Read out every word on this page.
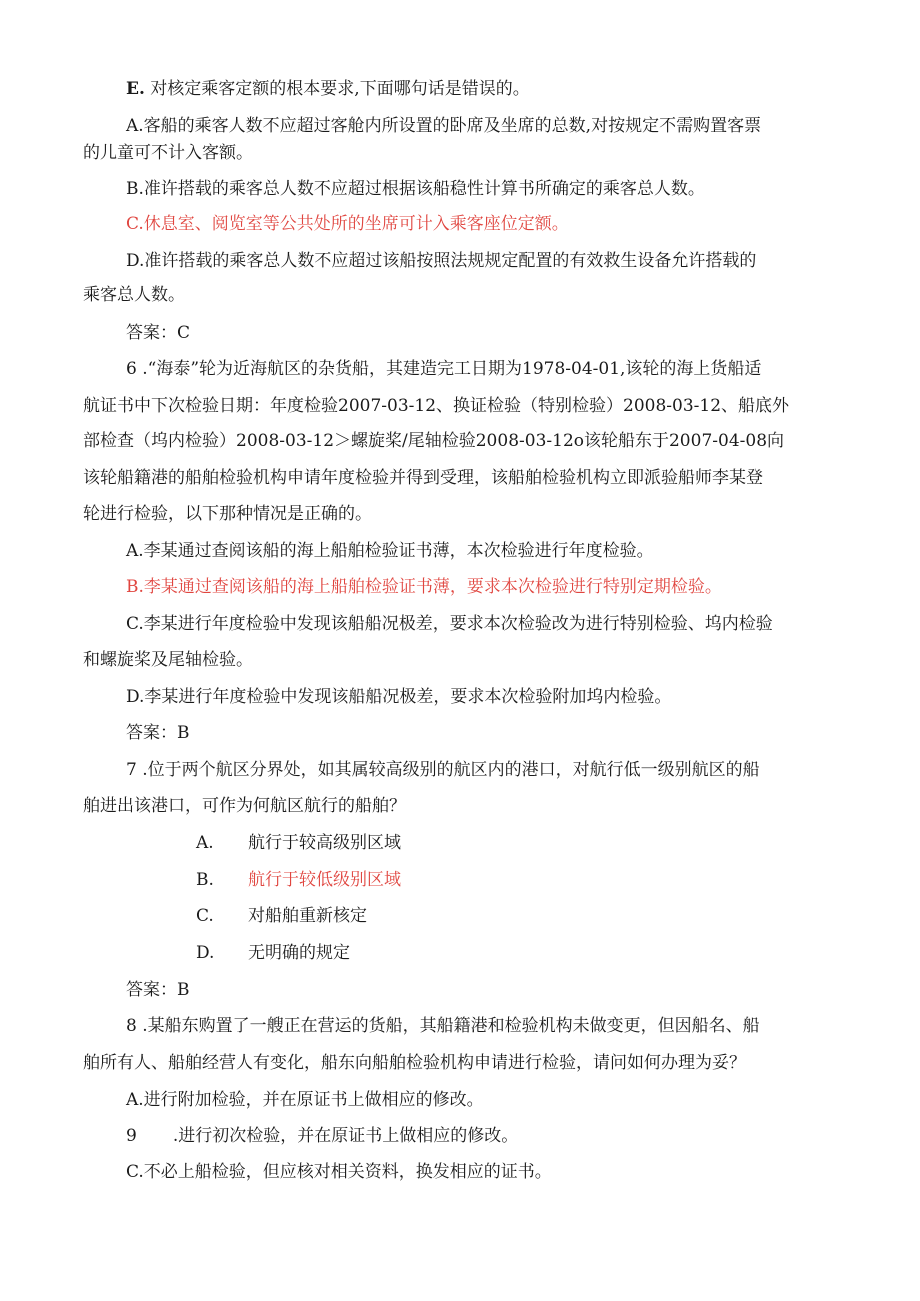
E. 对核定乘客定额的根本要求,下面哪句话是错误的。
A.客船的乘客人数不应超过客舱内所设置的卧席及坐席的总数,对按规定不需购置客票
的儿童可不计入客额。
B.准许搭载的乘客总人数不应超过根据该船稳性计算书所确定的乘客总人数。
C.休息室、阅览室等公共处所的坐席可计入乘客座位定额。
D.准许搭载的乘客总人数不应超过该船按照法规规定配置的有效救生设备允许搭载的
乘客总人数。
答案：C
6 .“海泰”轮为近海航区的杂货船，其建造完工日期为1978-04-01,该轮的海上货船适
航证书中下次检验日期：年度检验2007-03-12、换证检验（特别检验）2008-03-12、船底外
部检查（坞内检验）2008-03-12＞螺旋桨/尾轴检验2008-03-12o该轮船东于2007-04-08向
该轮船籍港的船舶检验机构申请年度检验并得到受理，该船舶检验机构立即派验船师李某登
轮进行检验，以下那种情况是正确的。
A.李某通过查阅该船的海上船舶检验证书薄，本次检验进行年度检验。
B.李某通过查阅该船的海上船舶检验证书薄，要求本次检验进行特别定期检验。
C.李某进行年度检验中发现该船船况极差，要求本次检验改为进行特别检验、坞内检验
和螺旋桨及尾轴检验。
D.李某进行年度检验中发现该船船况极差，要求本次检验附加坞内检验。
答案：B
7 .位于两个航区分界处，如其属较高级别的航区内的港口，对航行低一级别航区的船
舶进出该港口，可作为何航区航行的船舶？
A. 航行于较高级别区域
B. 航行于较低级别区域
C. 对船舶重新核定
D. 无明确的规定
答案：B
8 .某船东购置了一艘正在营运的货船，其船籍港和检验机构未做变更，但因船名、船
舶所有人、船舶经营人有变化，船东向船舶检验机构申请进行检验，请问如何办理为妥？
A.进行附加检验，并在原证书上做相应的修改。
9 .进行初次检验，并在原证书上做相应的修改。
C.不必上船检验，但应核对相关资料，换发相应的证书。
